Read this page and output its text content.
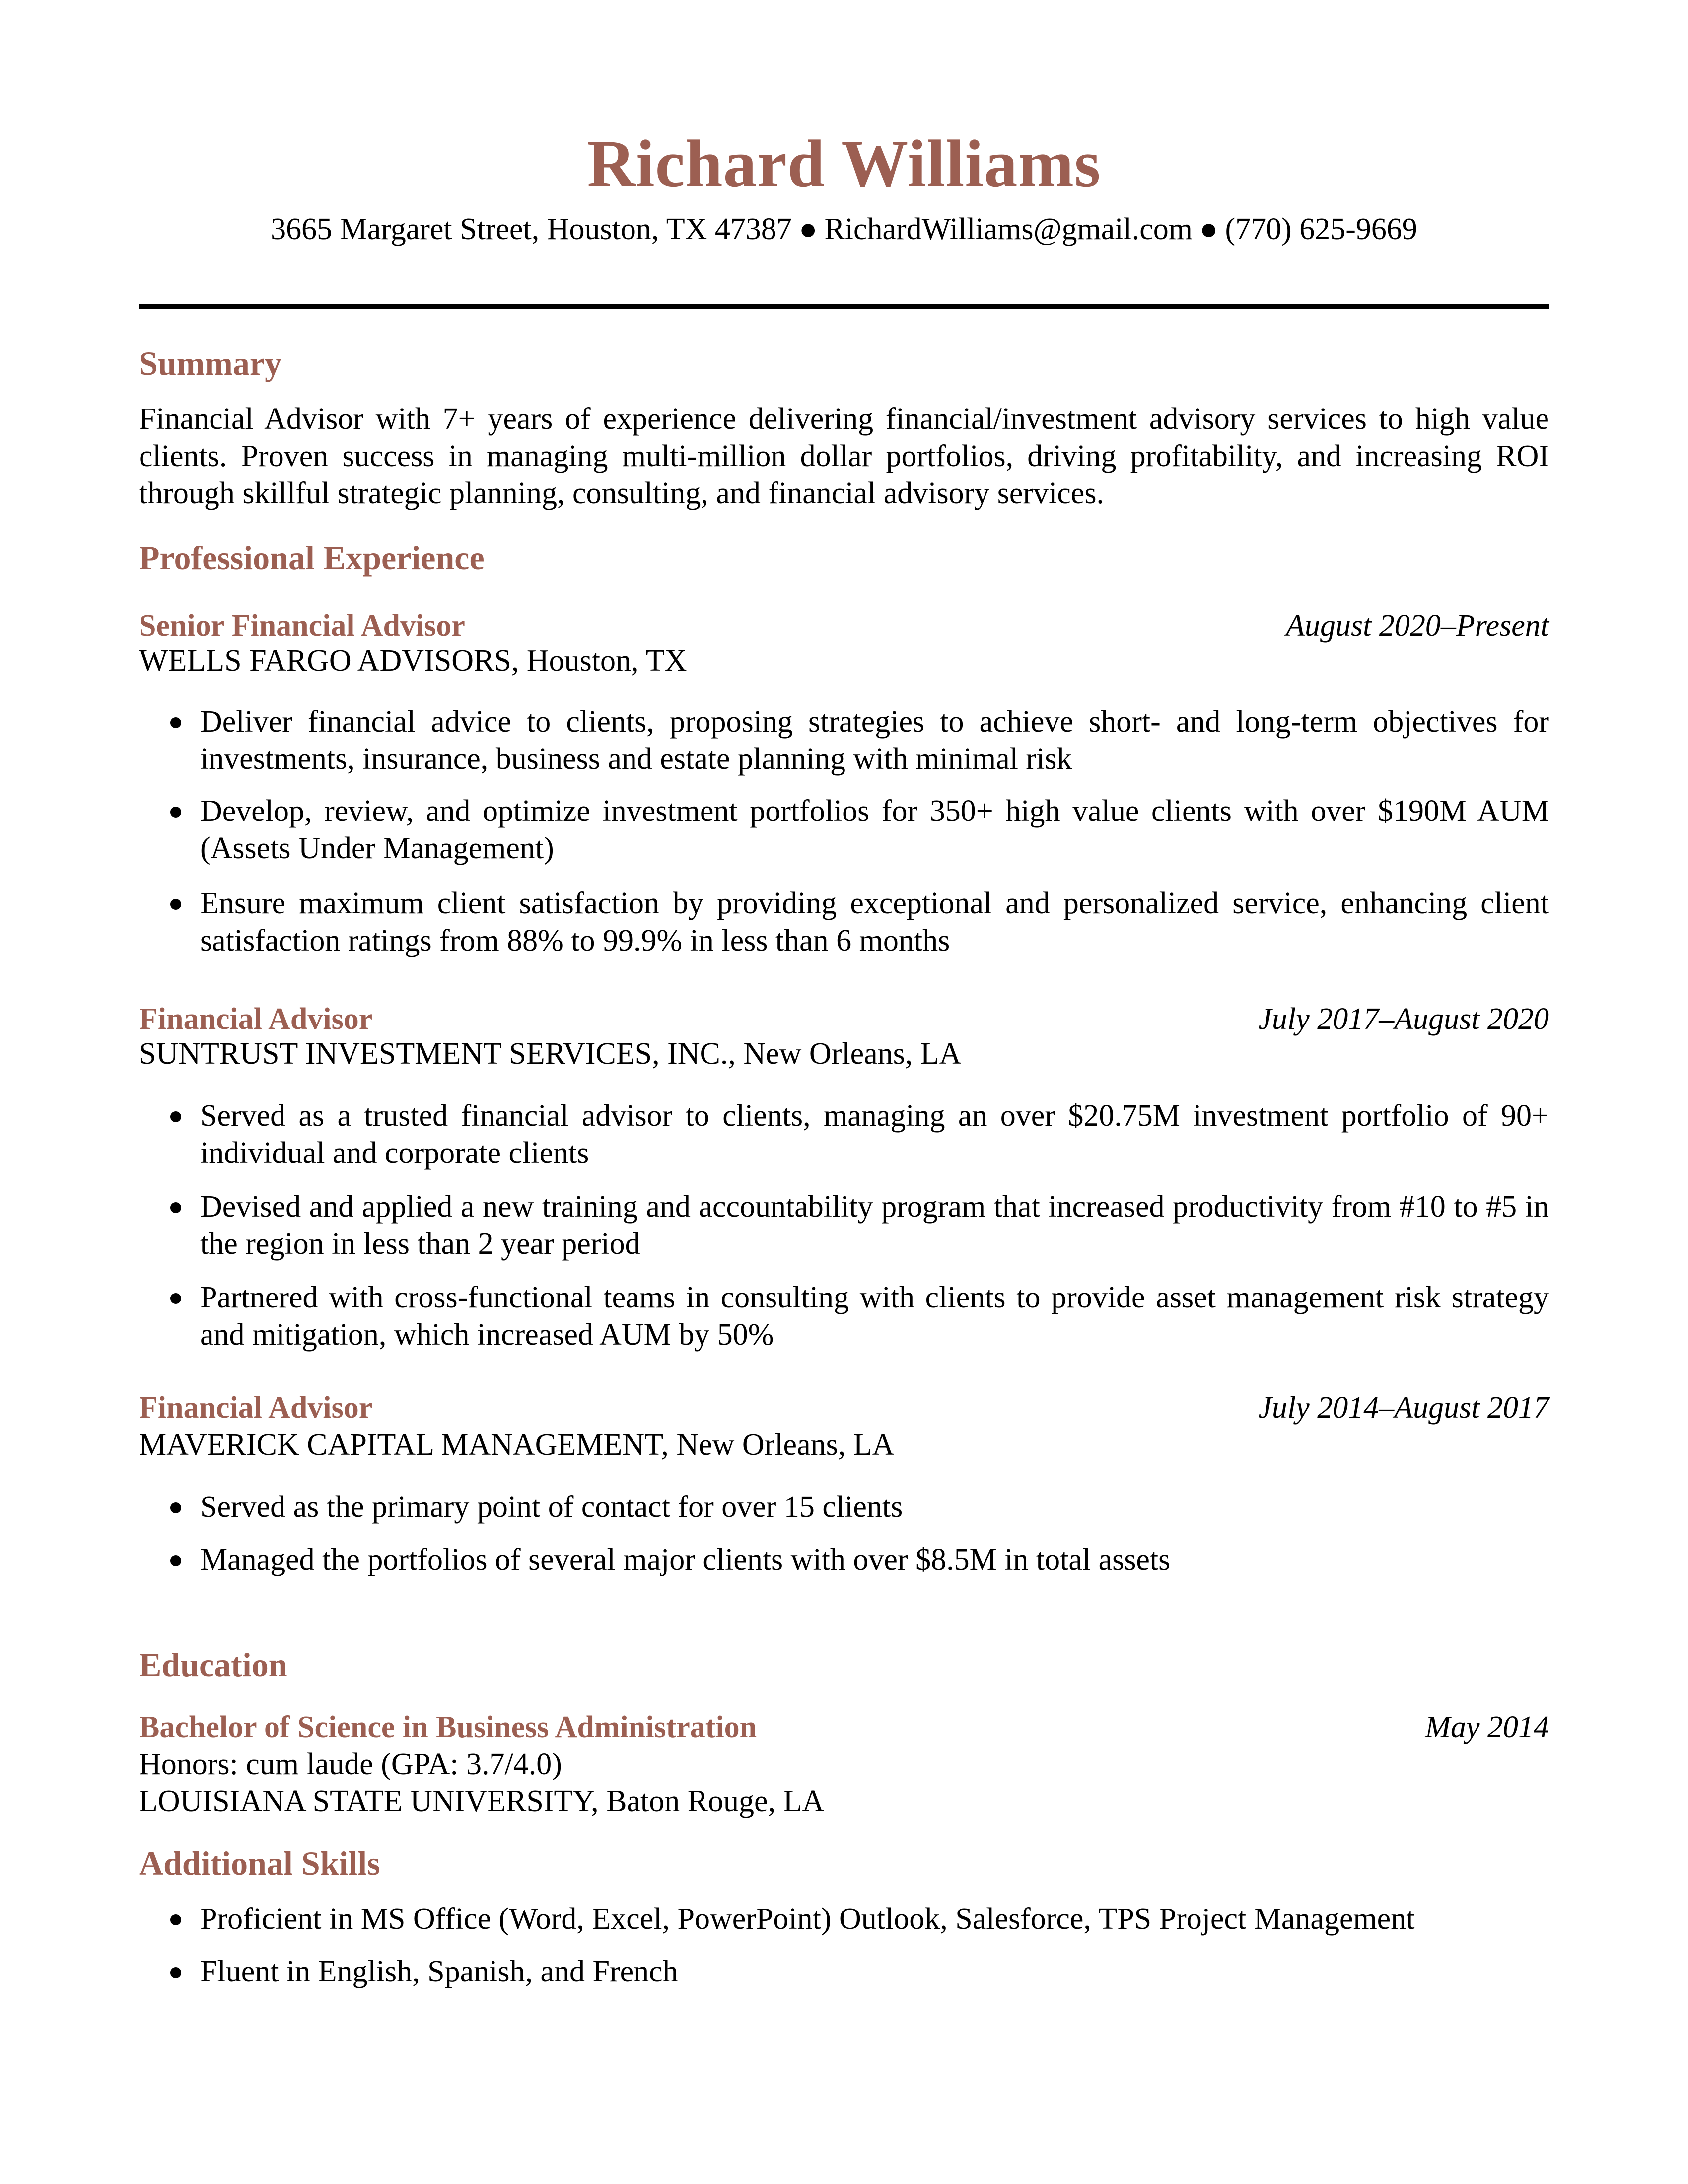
Richard Williams
3665 Margaret Street, Houston, TX 47387 ● RichardWilliams@gmail.com ● (770) 625-9669
Summary
Financial Advisor with 7+ years of experience delivering financial/investment advisory services to high value clients. Proven success in managing multi-million dollar portfolios, driving profitability, and increasing ROI through skillful strategic planning, consulting, and financial advisory services.
Professional Experience
Senior Financial Advisor	August 2020–Present
WELLS FARGO ADVISORS, Houston, TX
Deliver financial advice to clients, proposing strategies to achieve short- and long-term objectives for investments, insurance, business and estate planning with minimal risk
Develop, review, and optimize investment portfolios for 350+ high value clients with over $190M AUM (Assets Under Management)
Ensure maximum client satisfaction by providing exceptional and personalized service, enhancing client satisfaction ratings from 88% to 99.9% in less than 6 months
Financial Advisor	July 2017–August 2020
SUNTRUST INVESTMENT SERVICES, INC., New Orleans, LA
Served as a trusted financial advisor to clients, managing an over $20.75M investment portfolio of 90+ individual and corporate clients
Devised and applied a new training and accountability program that increased productivity from #10 to #5 in the region in less than 2 year period
Partnered with cross-functional teams in consulting with clients to provide asset management risk strategy and mitigation, which increased AUM by 50%
Financial Advisor	July 2014–August 2017
MAVERICK CAPITAL MANAGEMENT, New Orleans, LA
Served as the primary point of contact for over 15 clients
Managed the portfolios of several major clients with over $8.5M in total assets
Education
Bachelor of Science in Business Administration	May 2014
Honors: cum laude (GPA: 3.7/4.0)
LOUISIANA STATE UNIVERSITY, Baton Rouge, LA
Additional Skills
Proficient in MS Office (Word, Excel, PowerPoint) Outlook, Salesforce, TPS Project Management
Fluent in English, Spanish, and French
